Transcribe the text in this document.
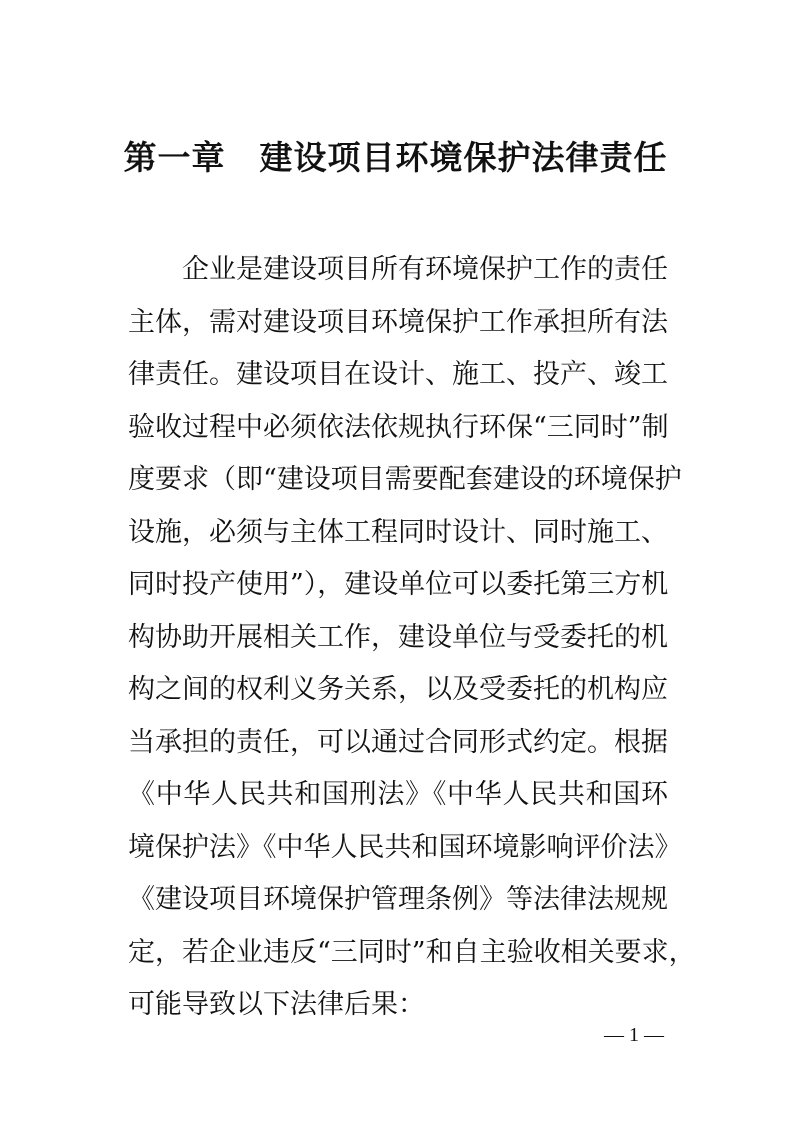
第一章　建设项目环境保护法律责任
企业是建设项目所有环境保护工作的责任
主体，需对建设项目环境保护工作承担所有法
律责任。建设项目在设计、施工、投产、竣工
验收过程中必须依法依规执行环保“三同时”制
度要求（即“建设项目需要配套建设的环境保护
设施，必须与主体工程同时设计、同时施工、
同时投产使用”），建设单位可以委托第三方机
构协助开展相关工作，建设单位与受委托的机
构之间的权利义务关系，以及受委托的机构应
当承担的责任，可以通过合同形式约定。根据
《中华人民共和国刑法》《中华人民共和国环
境保护法》《中华人民共和国环境影响评价法》
《建设项目环境保护管理条例》等法律法规规
定，若企业违反“三同时”和自主验收相关要求，
可能导致以下法律后果：
— 1 —
